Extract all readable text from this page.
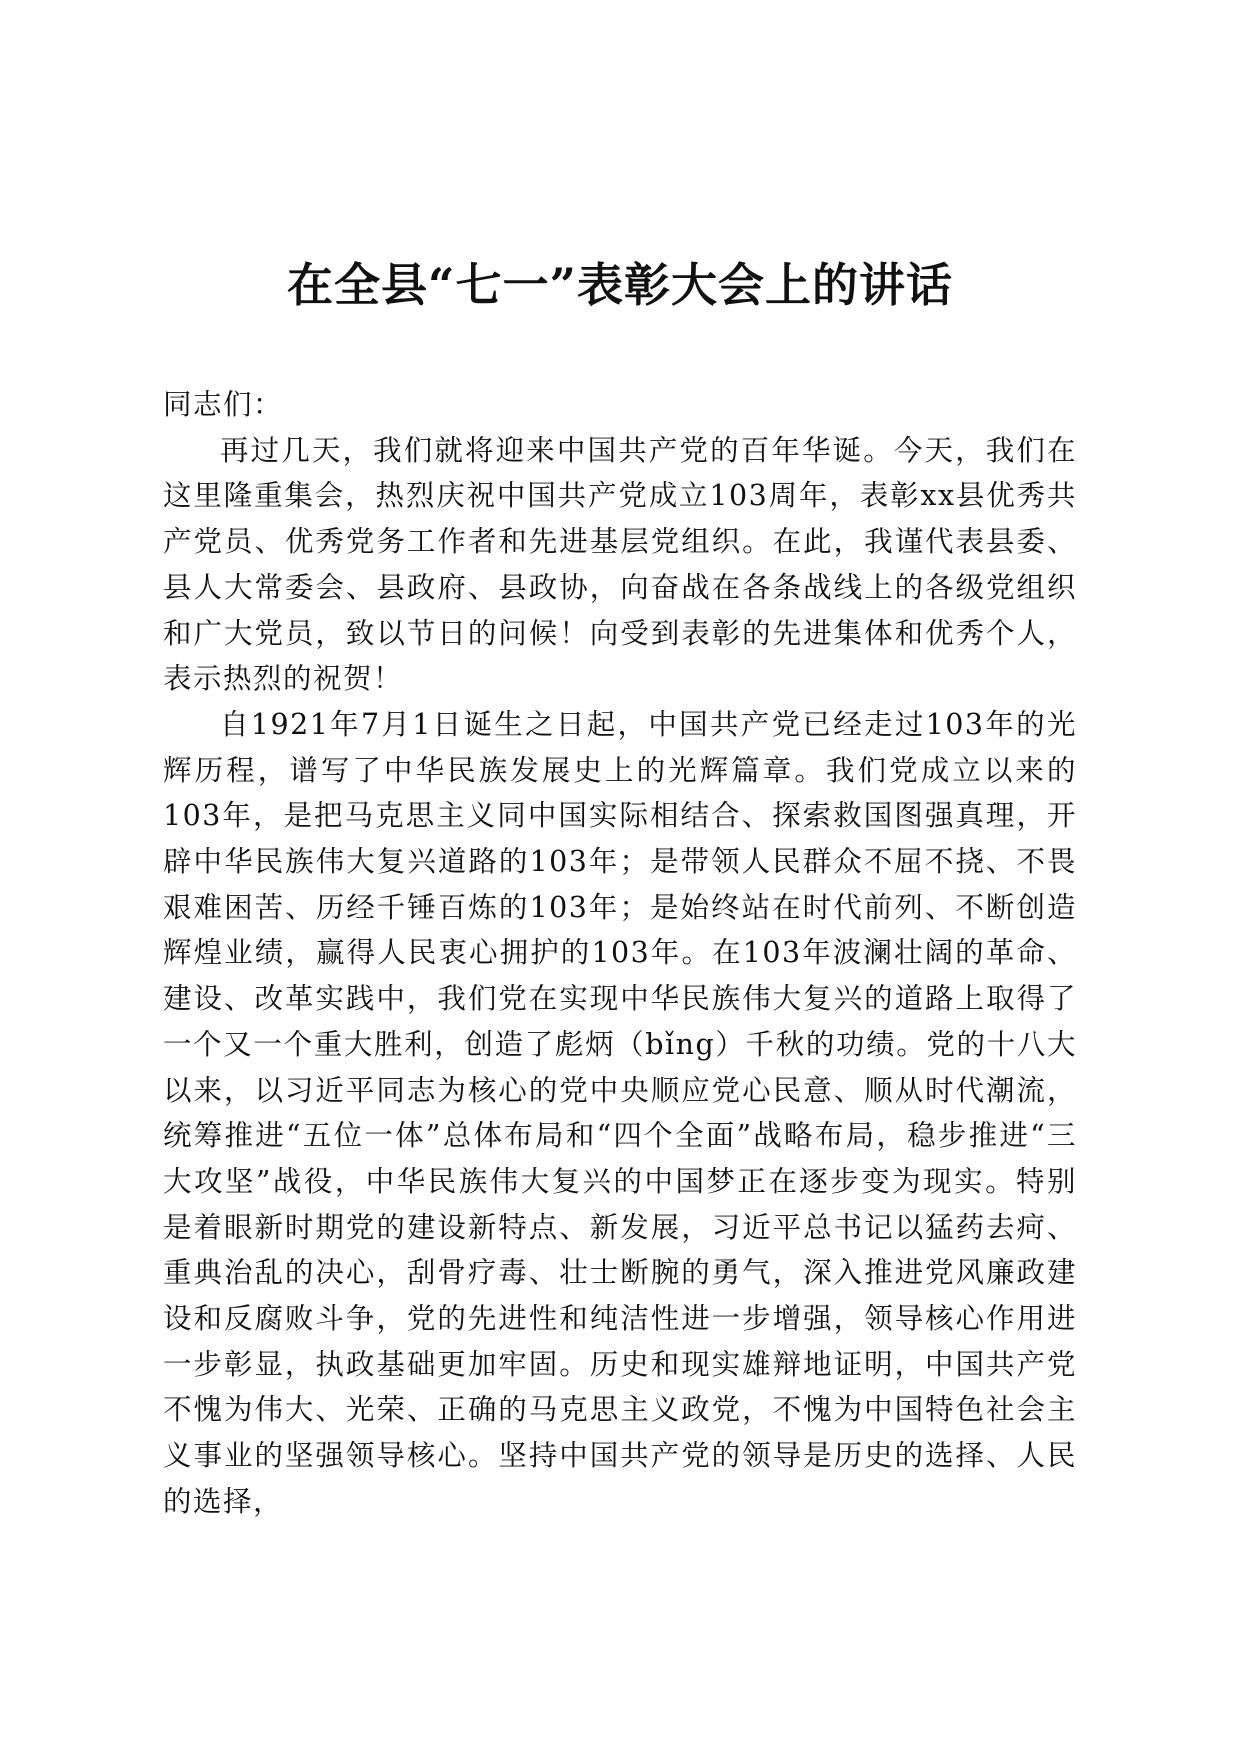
在全县“七一”表彰大会上的讲话

同志们：

再过几天，我们就将迎来中国共产党的百年华诞。今天，我们在这里隆重集会，热烈庆祝中国共产党成立103周年，表彰xx县优秀共产党员、优秀党务工作者和先进基层党组织。在此，我谨代表县委、县人大常委会、县政府、县政协，向奋战在各条战线上的各级党组织和广大党员，致以节日的问候！向受到表彰的先进集体和优秀个人，表示热烈的祝贺！

自1921年7月1日诞生之日起，中国共产党已经走过103年的光辉历程，谱写了中华民族发展史上的光辉篇章。我们党成立以来的103年，是把马克思主义同中国实际相结合、探索救国图强真理，开辟中华民族伟大复兴道路的103年；是带领人民群众不屈不挠、不畏艰难困苦、历经千锤百炼的103年；是始终站在时代前列、不断创造辉煌业绩，赢得人民衷心拥护的103年。在103年波澜壮阔的革命、建设、改革实践中，我们党在实现中华民族伟大复兴的道路上取得了一个又一个重大胜利，创造了彪炳（bǐng）千秋的功绩。党的十八大以来，以习近平同志为核心的党中央顺应党心民意、顺从时代潮流，统筹推进“五位一体”总体布局和“四个全面”战略布局，稳步推进“三大攻坚”战役，中华民族伟大复兴的中国梦正在逐步变为现实。特别是着眼新时期党的建设新特点、新发展，习近平总书记以猛药去疴、重典治乱的决心，刮骨疗毒、壮士断腕的勇气，深入推进党风廉政建设和反腐败斗争，党的先进性和纯洁性进一步增强，领导核心作用进一步彰显，执政基础更加牢固。历史和现实雄辩地证明，中国共产党不愧为伟大、光荣、正确的马克思主义政党，不愧为中国特色社会主义事业的坚强领导核心。坚持中国共产党的领导是历史的选择、人民的选择，
